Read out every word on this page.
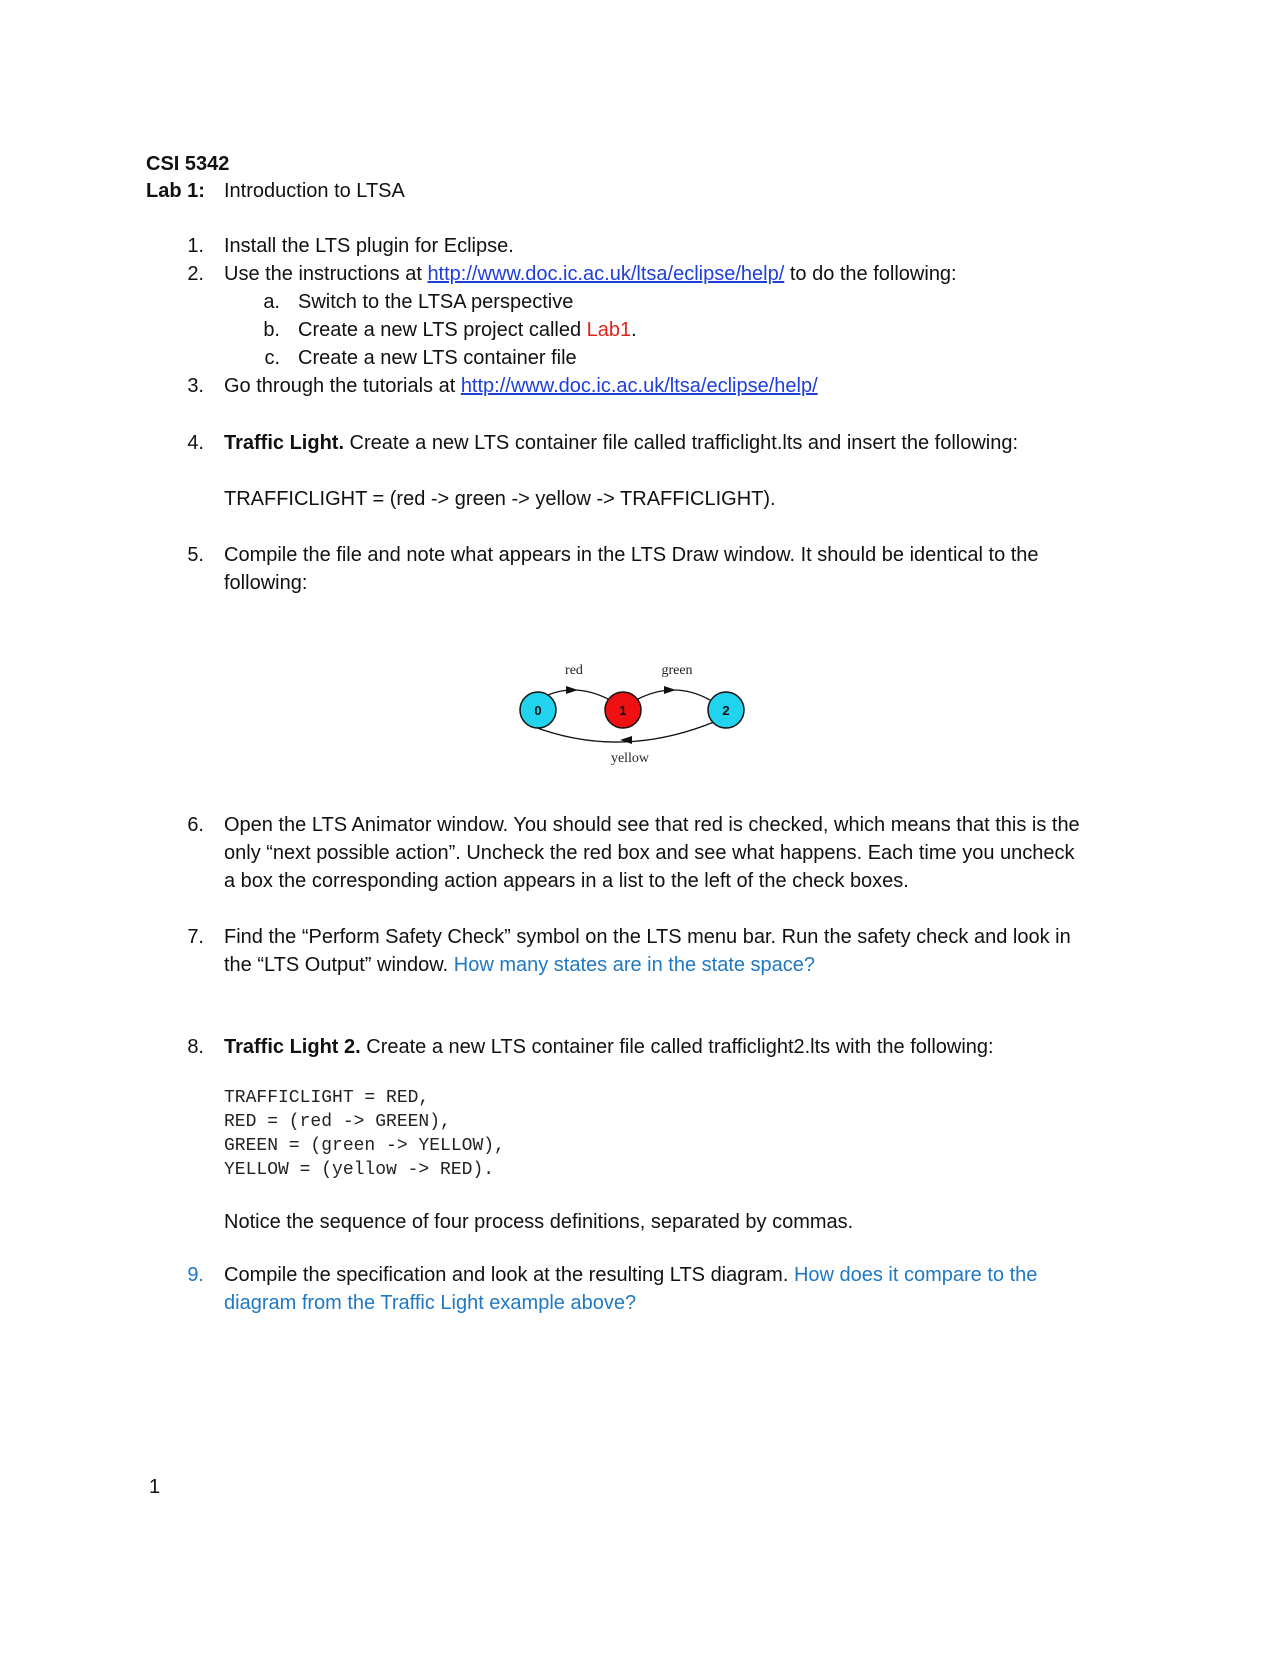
CSI 5342
Lab 1: Introduction to LTSA
1. Install the LTS plugin for Eclipse.
2. Use the instructions at http://www.doc.ic.ac.uk/ltsa/eclipse/help/ to do the following:
a. Switch to the LTSA perspective
b. Create a new LTS project called Lab1.
c. Create a new LTS container file
3. Go through the tutorials at http://www.doc.ic.ac.uk/ltsa/eclipse/help/
4. Traffic Light. Create a new LTS container file called trafficlight.lts and insert the following:
TRAFFICLIGHT = (red -> green -> yellow -> TRAFFICLIGHT).
5. Compile the file and note what appears in the LTS Draw window. It should be identical to the
following:
0	1	2
red	green
yellow
6. Open the LTS Animator window. You should see that red is checked, which means that this is the
only “next possible action”. Uncheck the red box and see what happens. Each time you uncheck
a box the corresponding action appears in a list to the left of the check boxes.
7. Find the “Perform Safety Check” symbol on the LTS menu bar. Run the safety check and look in
the “LTS Output” window. How many states are in the state space?
8. Traffic Light 2. Create a new LTS container file called trafficlight2.lts with the following:
TRAFFICLIGHT = RED,
RED = (red -> GREEN),
GREEN = (green -> YELLOW),
YELLOW = (yellow -> RED).
Notice the sequence of four process definitions, separated by commas.
9. Compile the specification and look at the resulting LTS diagram. How does it compare to the
diagram from the Traffic Light example above?
1
